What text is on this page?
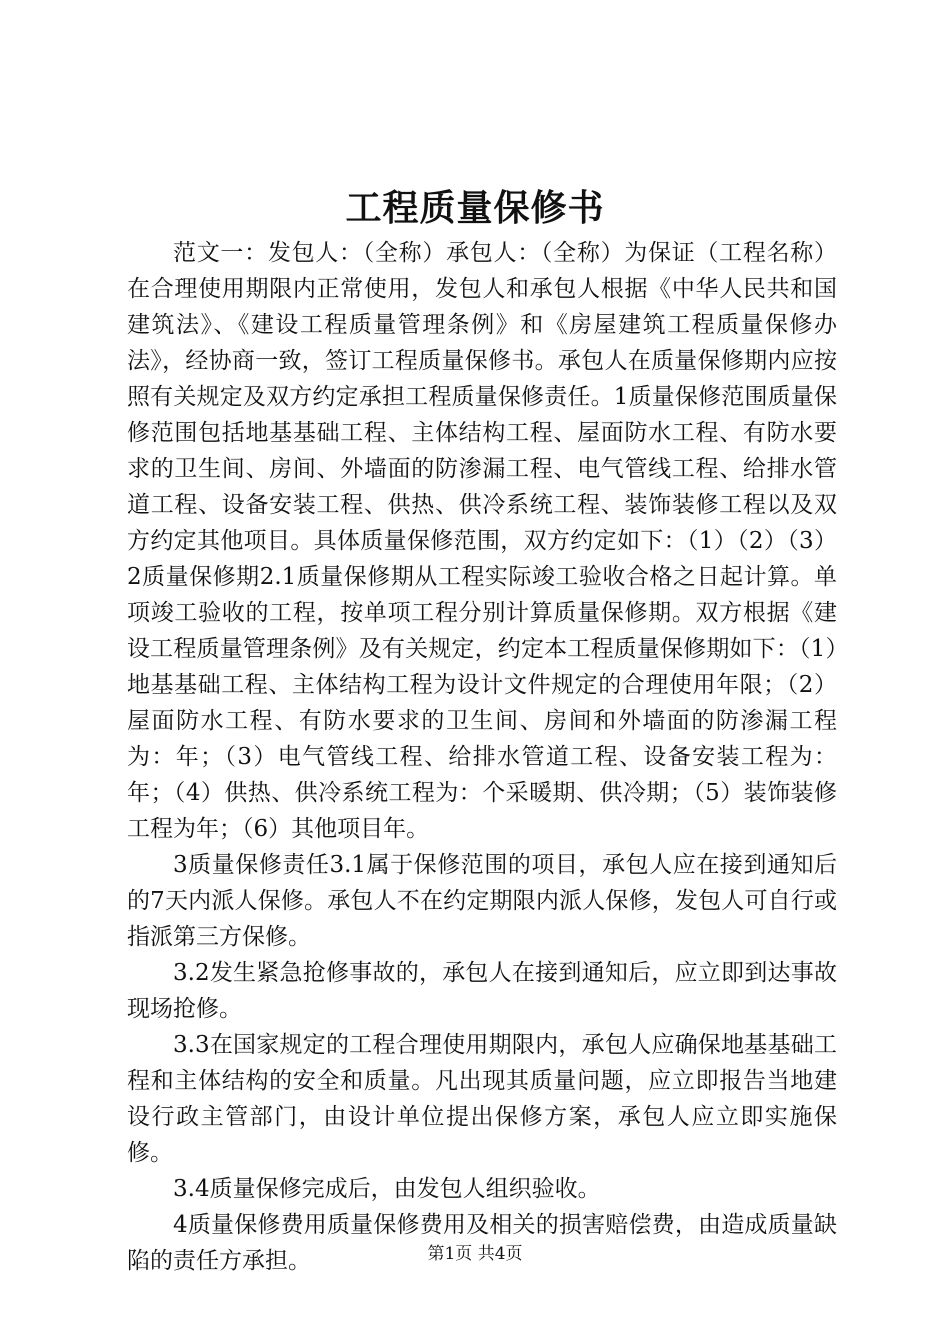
工程质量保修书

范文一：发包人：（全称）承包人：（全称）为保证（工程名称）在合理使用期限内正常使用，发包人和承包人根据《中华人民共和国建筑法》、《建设工程质量管理条例》和《房屋建筑工程质量保修办法》，经协商一致，签订工程质量保修书。承包人在质量保修期内应按照有关规定及双方约定承担工程质量保修责任。1质量保修范围质量保修范围包括地基基础工程、主体结构工程、屋面防水工程、有防水要求的卫生间、房间、外墙面的防渗漏工程、电气管线工程、给排水管道工程、设备安装工程、供热、供冷系统工程、装饰装修工程以及双方约定其他项目。具体质量保修范围，双方约定如下：（1）（2）（3）2质量保修期2.1质量保修期从工程实际竣工验收合格之日起计算。单项竣工验收的工程，按单项工程分别计算质量保修期。双方根据《建设工程质量管理条例》及有关规定，约定本工程质量保修期如下：（1）地基基础工程、主体结构工程为设计文件规定的合理使用年限；（2）屋面防水工程、有防水要求的卫生间、房间和外墙面的防渗漏工程为：年；（3）电气管线工程、给排水管道工程、设备安装工程为：年；（4）供热、供冷系统工程为：个采暖期、供冷期；（5）装饰装修工程为年；（6）其他项目年。

3质量保修责任3.1属于保修范围的项目，承包人应在接到通知后的7天内派人保修。承包人不在约定期限内派人保修，发包人可自行或指派第三方保修。

3.2发生紧急抢修事故的，承包人在接到通知后，应立即到达事故现场抢修。

3.3在国家规定的工程合理使用期限内，承包人应确保地基基础工程和主体结构的安全和质量。凡出现其质量问题，应立即报告当地建设行政主管部门，由设计单位提出保修方案，承包人应立即实施保修。

3.4质量保修完成后，由发包人组织验收。

4质量保修费用质量保修费用及相关的损害赔偿费，由造成质量缺陷的责任方承担。	第1页 共4页
